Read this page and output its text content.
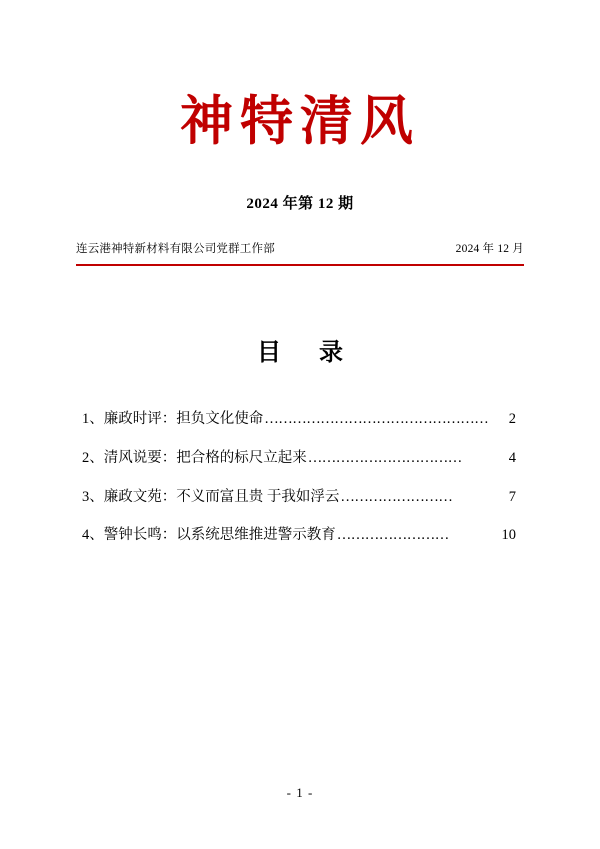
神特清风
2024 年第 12 期
连云港神特新材料有限公司党群工作部	2024 年 12 月
目 录
1、廉政时评：担负文化使命 …………………………………………	2
2、清风说要：把合格的标尺立起来 ……………………………	4
3、廉政文苑：不义而富且贵 于我如浮云 ……………………	7
4、警钟长鸣：以系统思维推进警示教育 ……………………	10
- 1 -
